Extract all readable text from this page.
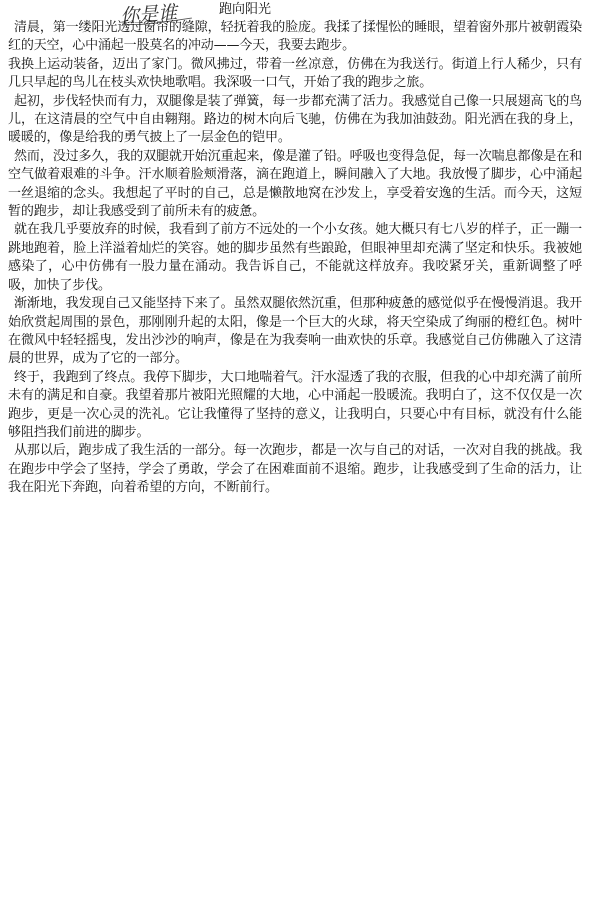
你是谁	跑向阳光

清晨，第一缕阳光透过窗帘的缝隙，轻抚着我的脸庞。我揉了揉惺忪的睡眼，望着窗外那片被朝霞染红的天空，心中涌起一股莫名的冲动——今天，我要去跑步。

我换上运动装备，迈出了家门。微风拂过，带着一丝凉意，仿佛在为我送行。街道上行人稀少，只有几只早起的鸟儿在枝头欢快地歌唱。我深吸一口气，开始了我的跑步之旅。

起初，步伐轻快而有力，双腿像是装了弹簧，每一步都充满了活力。我感觉自己像一只展翅高飞的鸟儿，在这清晨的空气中自由翱翔。路边的树木向后飞驰，仿佛在为我加油鼓劲。阳光洒在我的身上，暖暖的，像是给我的勇气披上了一层金色的铠甲。

然而，没过多久，我的双腿就开始沉重起来，像是灌了铅。呼吸也变得急促，每一次喘息都像是在和空气做着艰难的斗争。汗水顺着脸颊滑落，滴在跑道上，瞬间融入了大地。我放慢了脚步，心中涌起一丝退缩的念头。我想起了平时的自己，总是懒散地窝在沙发上，享受着安逸的生活。而今天，这短暂的跑步，却让我感受到了前所未有的疲惫。

就在我几乎要放弃的时候，我看到了前方不远处的一个小女孩。她大概只有七八岁的样子，正一蹦一跳地跑着，脸上洋溢着灿烂的笑容。她的脚步虽然有些踉跄，但眼神里却充满了坚定和快乐。我被她感染了，心中仿佛有一股力量在涌动。我告诉自己，不能就这样放弃。我咬紧牙关，重新调整了呼吸，加快了步伐。

渐渐地，我发现自己又能坚持下来了。虽然双腿依然沉重，但那种疲惫的感觉似乎在慢慢消退。我开始欣赏起周围的景色，那刚刚升起的太阳，像是一个巨大的火球，将天空染成了绚丽的橙红色。树叶在微风中轻轻摇曳，发出沙沙的响声，像是在为我奏响一曲欢快的乐章。我感觉自己仿佛融入了这清晨的世界，成为了它的一部分。

终于，我跑到了终点。我停下脚步，大口地喘着气。汗水湿透了我的衣服，但我的心中却充满了前所未有的满足和自豪。我望着那片被阳光照耀的大地，心中涌起一股暖流。我明白了，这不仅仅是一次跑步，更是一次心灵的洗礼。它让我懂得了坚持的意义，让我明白，只要心中有目标，就没有什么能够阻挡我们前进的脚步。

从那以后，跑步成了我生活的一部分。每一次跑步，都是一次与自己的对话，一次对自我的挑战。我在跑步中学会了坚持，学会了勇敢，学会了在困难面前不退缩。跑步，让我感受到了生命的活力，让我在阳光下奔跑，向着希望的方向，不断前行。
